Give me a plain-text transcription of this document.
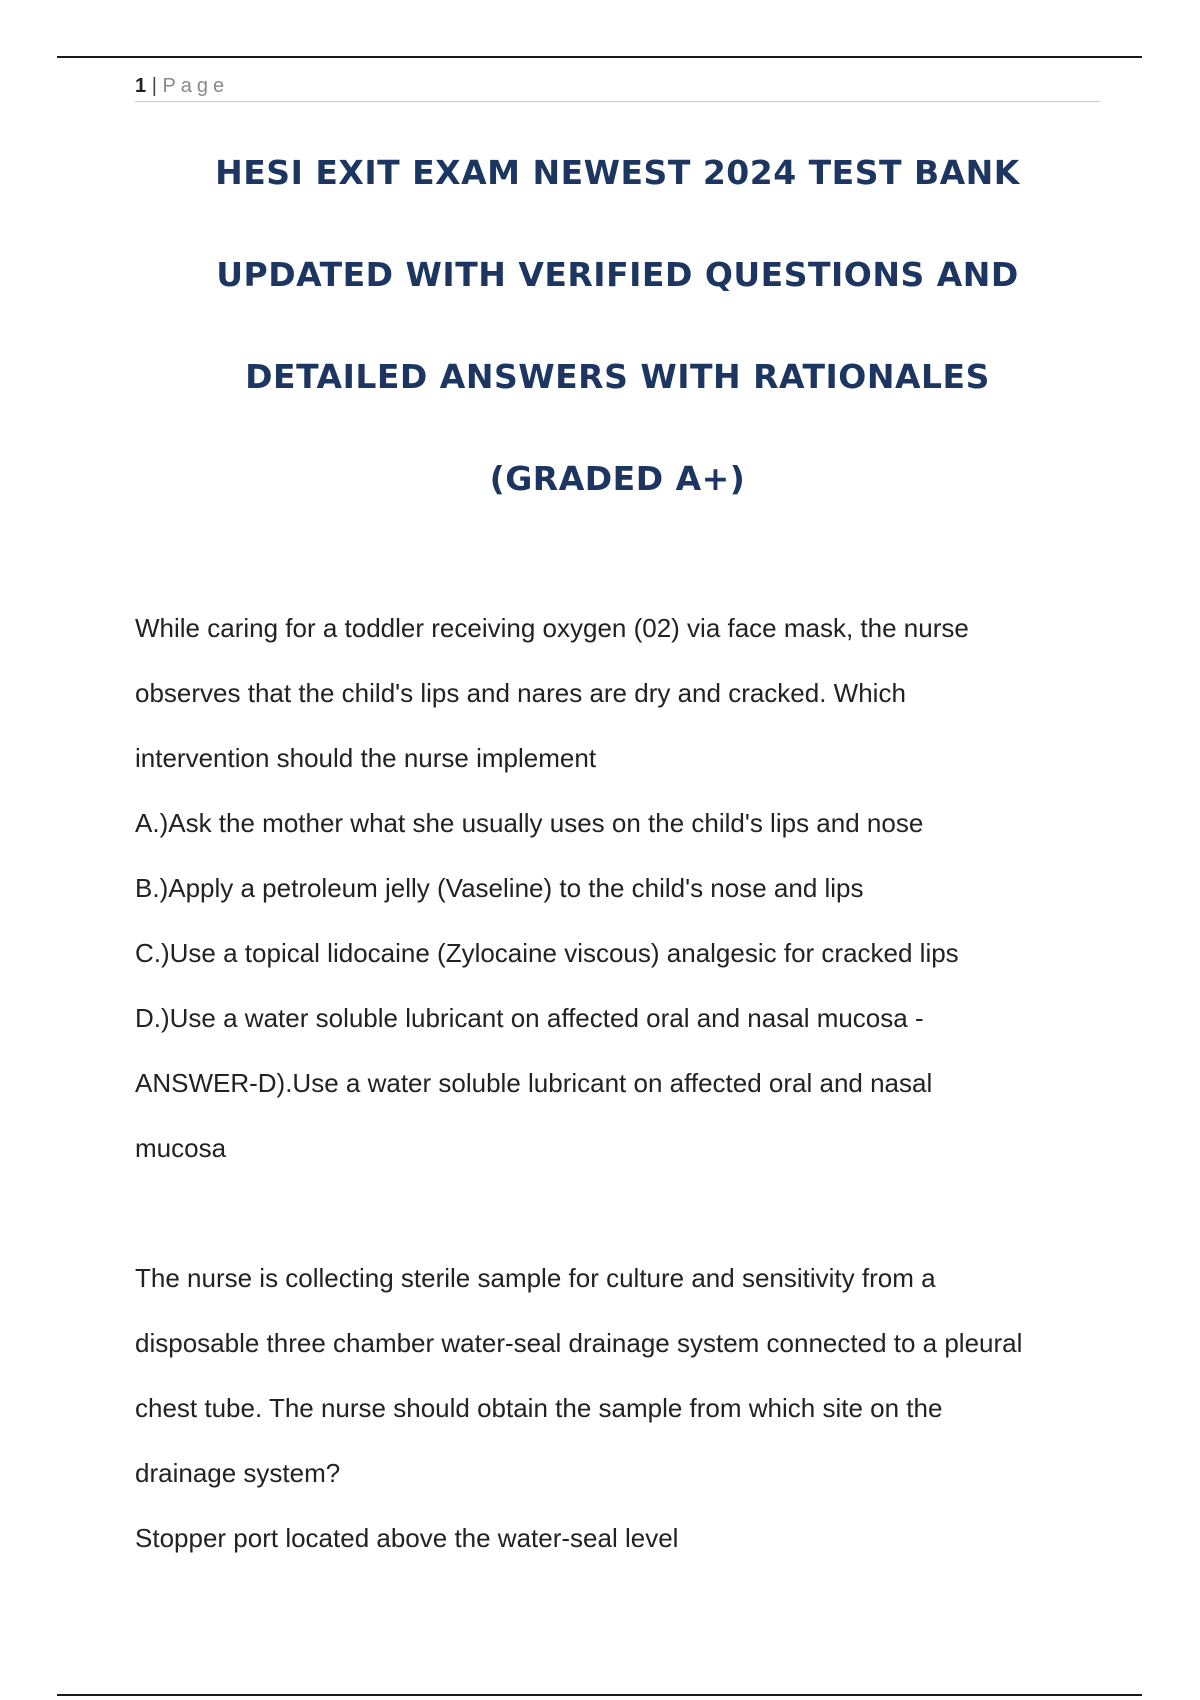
1 | Page
HESI EXIT EXAM NEWEST 2024 TEST BANK
UPDATED WITH VERIFIED QUESTIONS AND
DETAILED ANSWERS WITH RATIONALES
(GRADED A+)

While caring for a toddler receiving oxygen (02) via face mask, the nurse
observes that the child's lips and nares are dry and cracked. Which
intervention should the nurse implement

A.)Ask the mother what she usually uses on the child's lips and nose
B.)Apply a petroleum jelly (Vaseline) to the child's nose and lips
C.)Use a topical lidocaine (Zylocaine viscous) analgesic for cracked lips
D.)Use a water soluble lubricant on affected oral and nasal mucosa -

ANSWER-D).Use a water soluble lubricant on affected oral and nasal
mucosa

The nurse is collecting sterile sample for culture and sensitivity from a
disposable three chamber water-seal drainage system connected to a pleural
chest tube. The nurse should obtain the sample from which site on the
drainage system?

Stopper port located above the water-seal level
